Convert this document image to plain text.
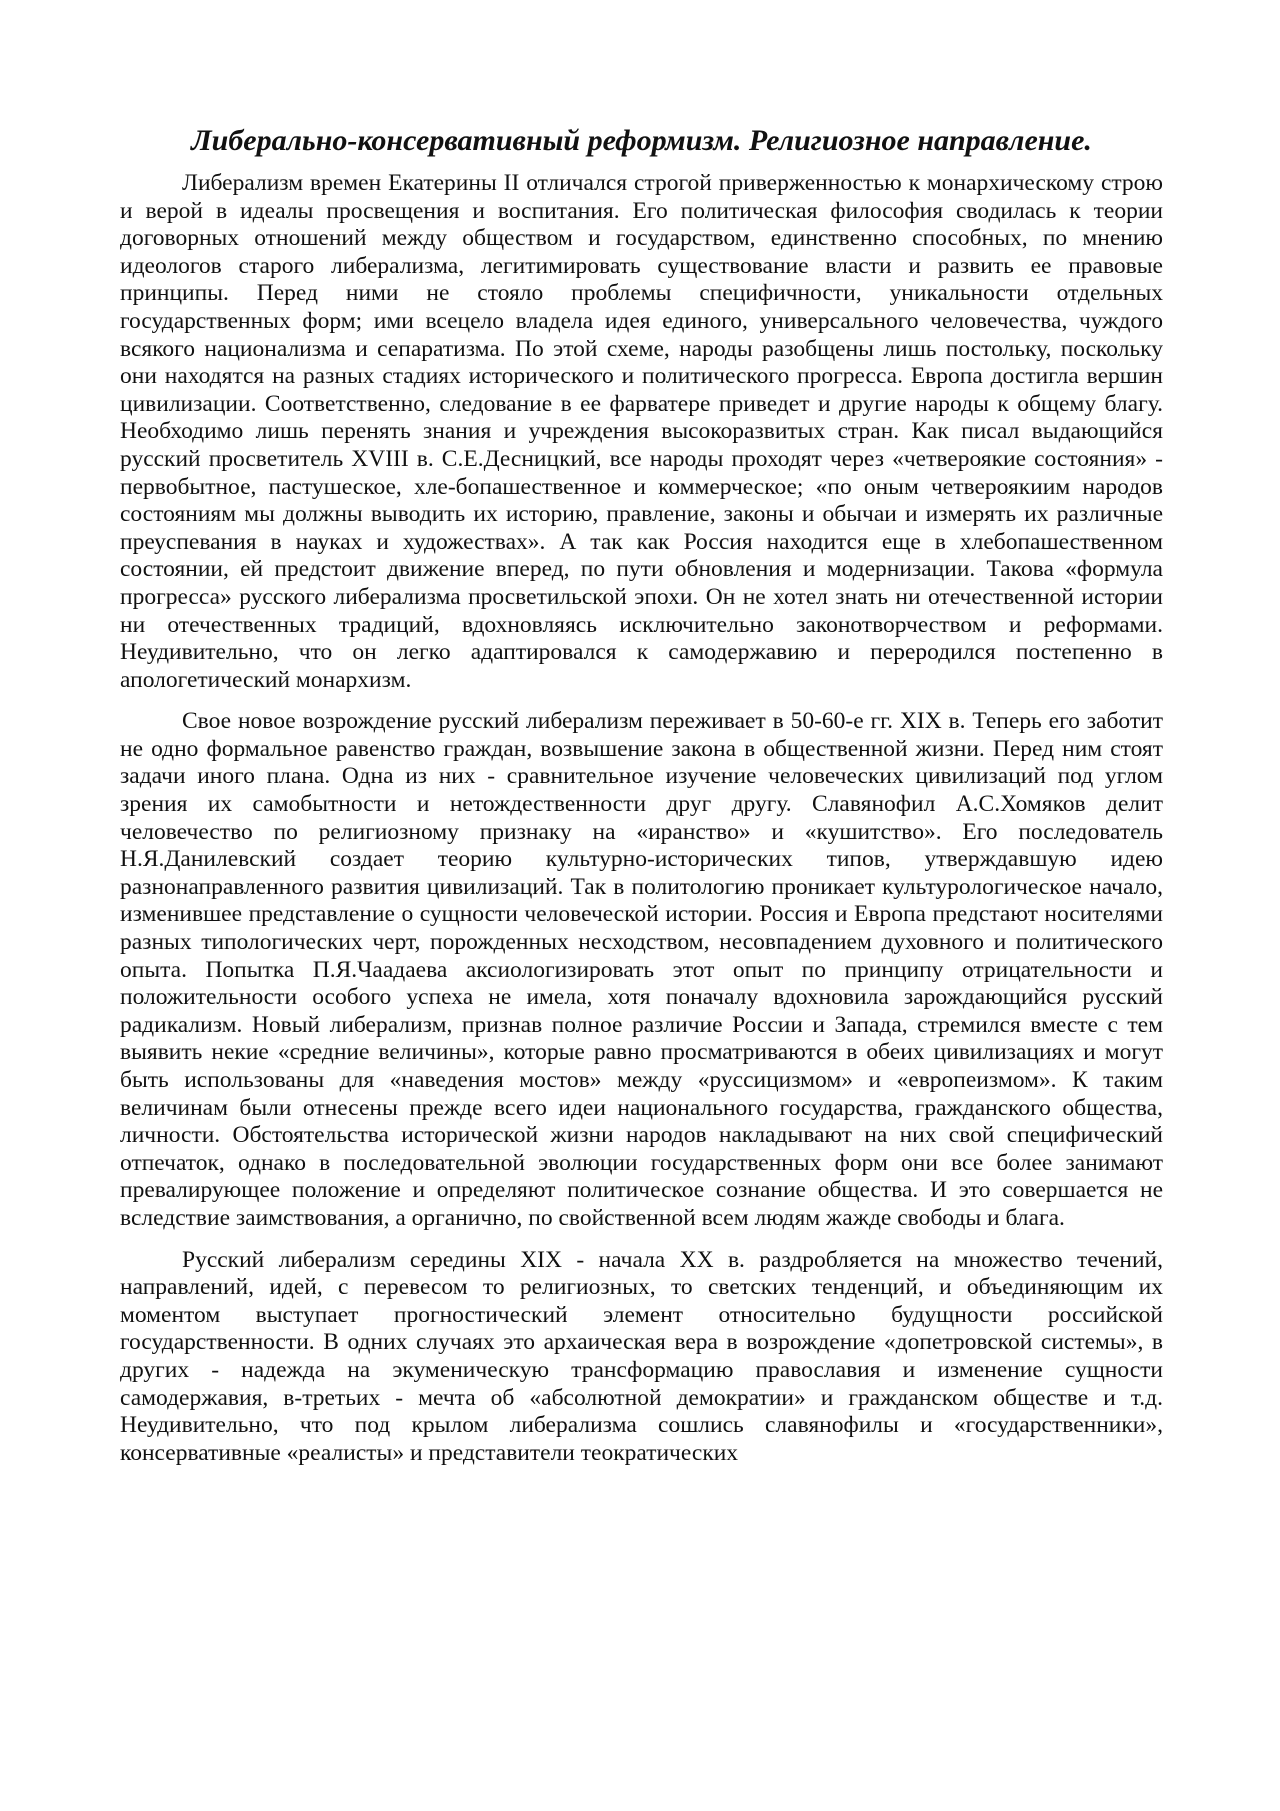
Либерально-консервативный реформизм. Религиозное направление.

Либерализм времен Екатерины II отличался строгой приверженностью к монархическому строю и верой в идеалы просвещения и воспитания. Его политическая философия сводилась к теории договорных отношений между обществом и государством, единственно способных, по мнению идеологов старого либерализма, легитимировать существование власти и развить ее правовые принципы. Перед ними не стояло проблемы специфичности, уникальности отдельных государственных форм; ими всецело владела идея единого, универсального человечества, чуждого всякого национализма и сепаратизма. По этой схеме, народы разобщены лишь постольку, поскольку они находятся на разных стадиях исторического и политического прогресса. Европа достигла вершин цивилизации. Соответственно, следование в ее фарватере приведет и другие народы к общему благу. Необходимо лишь перенять знания и учреждения высокоразвитых стран. Как писал выдающийся русский просветитель XVIII в. С.Е.Десницкий, все народы проходят через «четвероякие состояния» - первобытное, пастушеское, хле-бопашественное и коммерческое; «по оным четвероякиим народов состояниям мы должны выводить их историю, правление, законы и обычаи и измерять их различные преуспевания в науках и художествах». А так как Россия находится еще в хлебопашественном состоянии, ей предстоит движение вперед, по пути обновления и модернизации. Такова «формула прогресса» русского либерализма просветильской эпохи. Он не хотел знать ни отечественной истории ни отечественных традиций, вдохновляясь исключительно законотворчеством и реформами. Неудивительно, что он легко адаптировался к самодержавию и переродился постепенно в апологетический монархизм.

Свое новое возрождение русский либерализм переживает в 50-60-е гг. XIX в. Теперь его заботит не одно формальное равенство граждан, возвышение закона в общественной жизни. Перед ним стоят задачи иного плана. Одна из них - сравнительное изучение человеческих цивилизаций под углом зрения их самобытности и нетождественности друг другу. Славянофил А.С.Хомяков делит человечество по религиозному признаку на «иранство» и «кушитство». Его последователь Н.Я.Данилевский создает теорию культурно-исторических типов, утверждавшую идею разнонаправленного развития цивилизаций. Так в политологию проникает культурологическое начало, изменившее представление о сущности человеческой истории. Россия и Европа предстают носителями разных типологических черт, порожденных несходством, несовпадением духовного и политического опыта. Попытка П.Я.Чаадаева аксиологизировать этот опыт по принципу отрицательности и положительности особого успеха не имела, хотя поначалу вдохновила зарождающийся русский радикализм. Новый либерализм, признав полное различие России и Запада, стремился вместе с тем выявить некие «средние величины», которые равно просматриваются в обеих цивилизациях и могут быть использованы для «наведения мостов» между «руссицизмом» и «европеизмом». К таким величинам были отнесены прежде всего идеи национального государства, гражданского общества, личности. Обстоятельства исторической жизни народов накладывают на них свой специфический отпечаток, однако в последовательной эволюции государственных форм они все более занимают превалирующее положение и определяют политическое сознание общества. И это совершается не вследствие заимствования, а органично, по свойственной всем людям жажде свободы и блага.

Русский либерализм середины XIX - начала XX в. раздробляется на множество течений, направлений, идей, с перевесом то религиозных, то светских тенденций, и объединяющим их моментом выступает прогностический элемент относительно будущности российской государственности. В одних случаях это архаическая вера в возрождение «допетровской системы», в других - надежда на экуменическую трансформацию православия и изменение сущности самодержавия, в-третьих - мечта об «абсолютной демократии» и гражданском обществе и т.д. Неудивительно, что под крылом либерализма сошлись славянофилы и «государственники», консервативные «реалисты» и представители теократических
